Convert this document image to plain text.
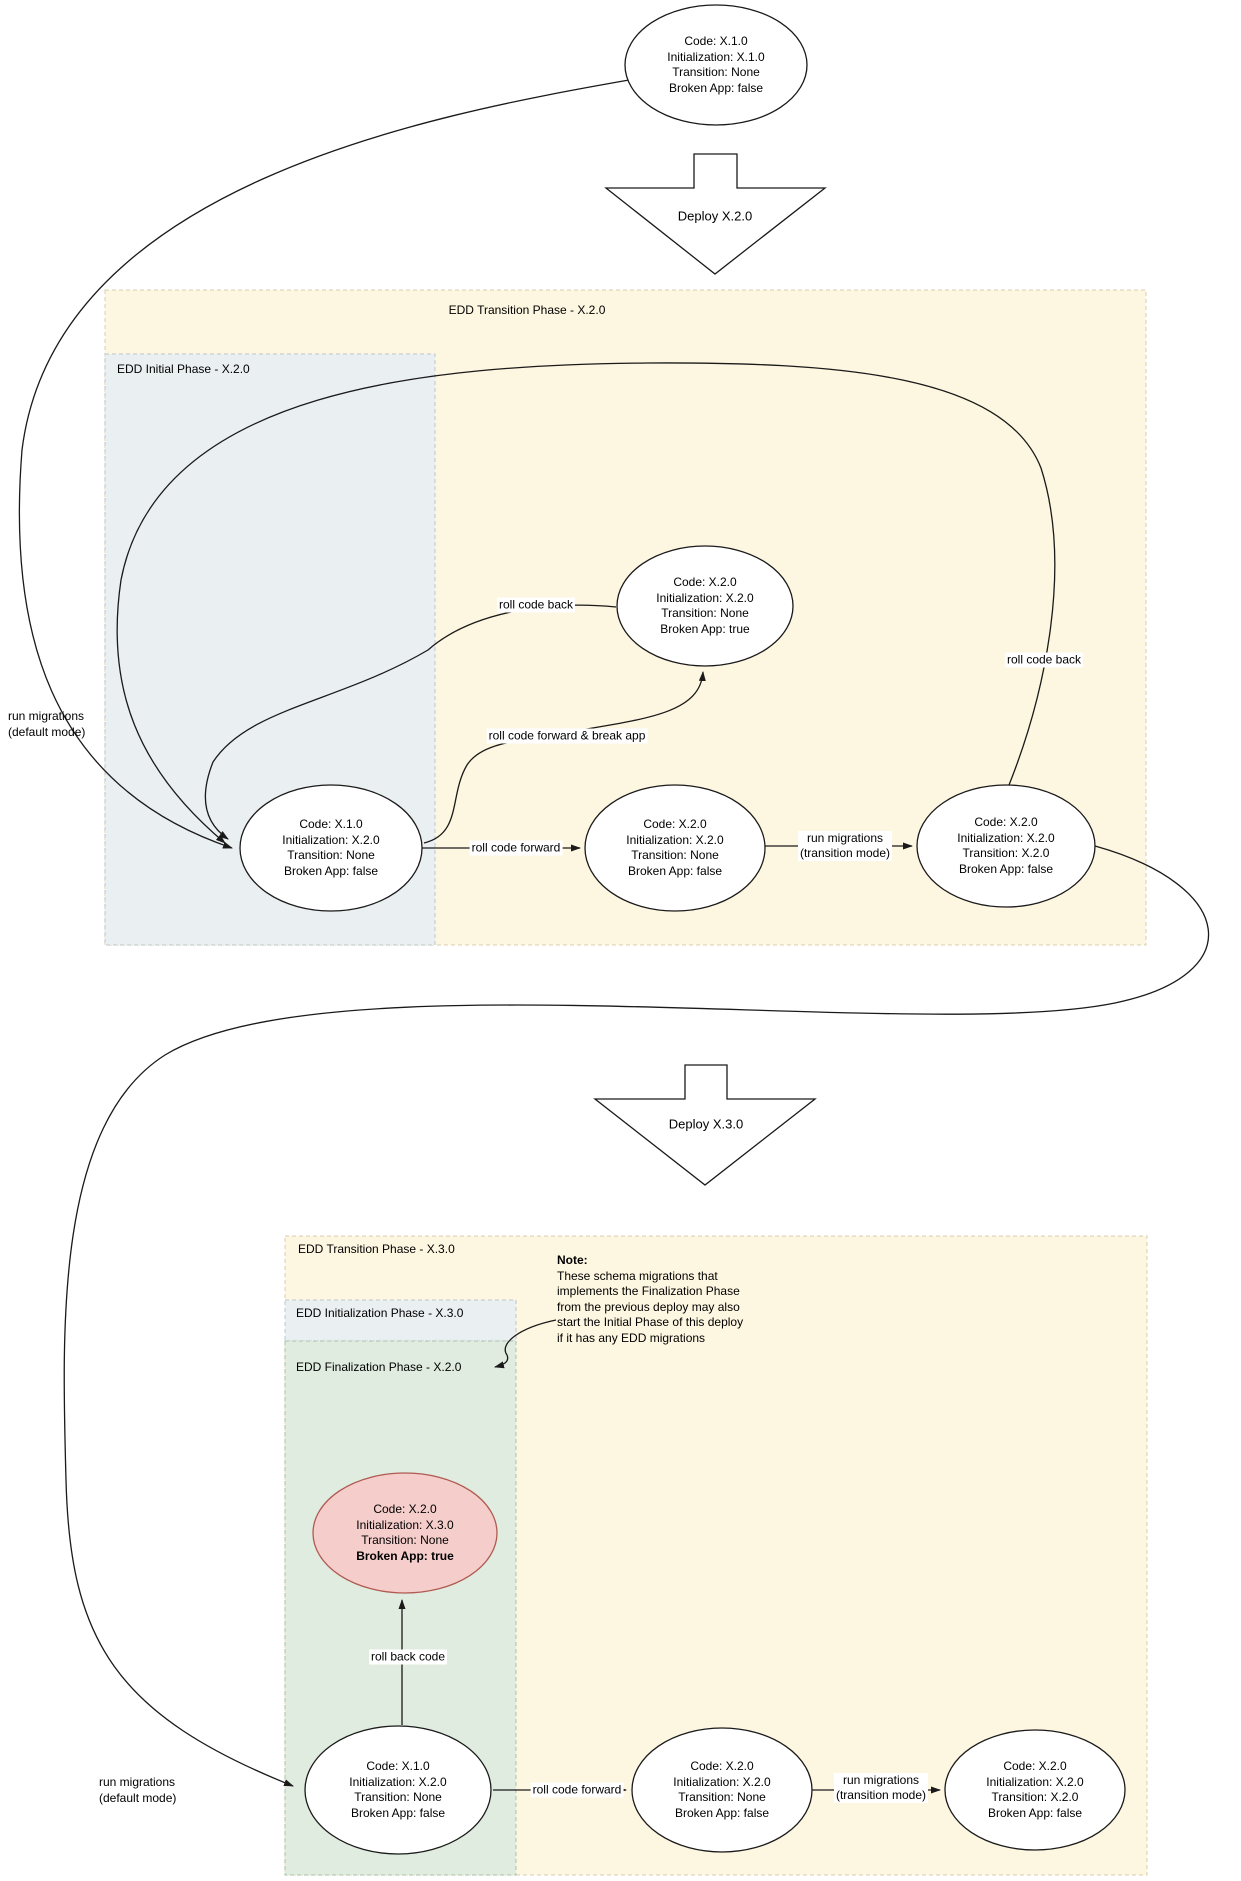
EDD Transition Phase - X.2.0
EDD Initial Phase - X.2.0
EDD Transition Phase - X.3.0
EDD Initialization Phase - X.3.0
EDD Finalization Phase - X.2.0
Deploy X.2.0
Deploy X.3.0
Code: X.1.0
Initialization: X.1.0
Transition: None
Broken App: false
Code: X.1.0
Initialization: X.2.0
Transition: None
Broken App: false
Code: X.2.0
Initialization: X.2.0
Transition: None
Broken App: false
Code: X.2.0
Initialization: X.2.0
Transition: X.2.0
Broken App: false
Code: X.2.0
Initialization: X.2.0
Transition: None
Broken App: true
Code: X.1.0
Initialization: X.2.0
Transition: None
Broken App: false
Code: X.2.0
Initialization: X.2.0
Transition: None
Broken App: false
Code: X.2.0
Initialization: X.2.0
Transition: X.2.0
Broken App: false
Code: X.2.0
Initialization: X.3.0
Transition: None
Broken App: true
run migrations
(default mode)
roll code back
roll code forward & break app
roll code forward
run migrations
(transition mode)
roll code back
run migrations
(default mode)
roll back code
roll code forward
run migrations
(transition mode)
Note:
These schema migrations that
implements the Finalization Phase
from the previous deploy may also
start the Initial Phase of this deploy
if it has any EDD migrations
